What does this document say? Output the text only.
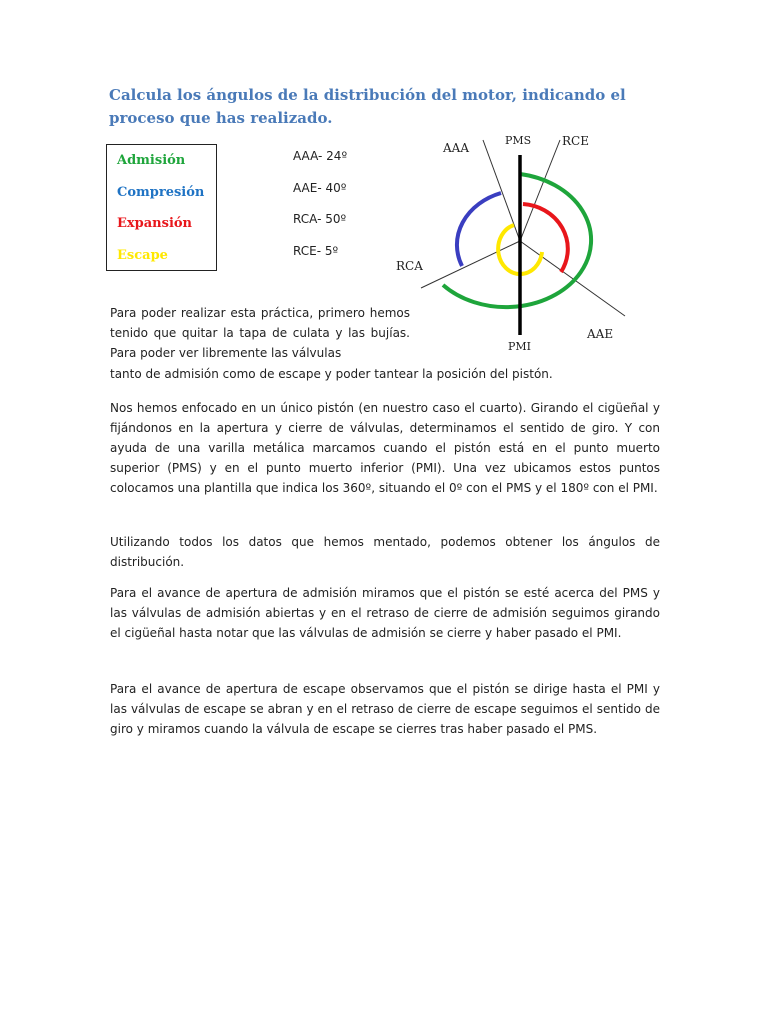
Calcula los ángulos de la distribución del motor, indicando el proceso que has realizado.
Admisión
Compresión
Expansión
Escape
AAA- 24º
AAE- 40º
RCA- 50º
RCE- 5º
PMS
AAA	RCE
RCA
AAE
PMI

Para poder realizar esta práctica, primero hemos tenido que quitar la tapa de culata y las bujías. Para poder ver libremente las válvulas

tanto de admisión como de escape y poder tantear la posición del pistón.

Nos hemos enfocado en un único pistón (en nuestro caso el cuarto). Girando el cigüeñal y fijándonos en la apertura y cierre de válvulas, determinamos el sentido de giro. Y con ayuda de una varilla metálica marcamos cuando el pistón está en el punto muerto superior (PMS) y en el punto muerto inferior (PMI). Una vez ubicamos estos puntos colocamos una plantilla que indica los 360º, situando el 0º con el PMS y el 180º con el PMI.

Utilizando todos los datos que hemos mentado, podemos obtener los ángulos de distribución.

Para el avance de apertura de admisión miramos que el pistón se esté acerca del PMS y las válvulas de admisión abiertas y en el retraso de cierre de admisión seguimos girando el cigüeñal hasta notar que las válvulas de admisión se cierre y haber pasado el PMI.

Para el avance de apertura de escape observamos que el pistón se dirige hasta el PMI y las válvulas de escape se abran y en el retraso de cierre de escape seguimos el sentido de giro y miramos cuando la válvula de escape se cierres tras haber pasado el PMS.
